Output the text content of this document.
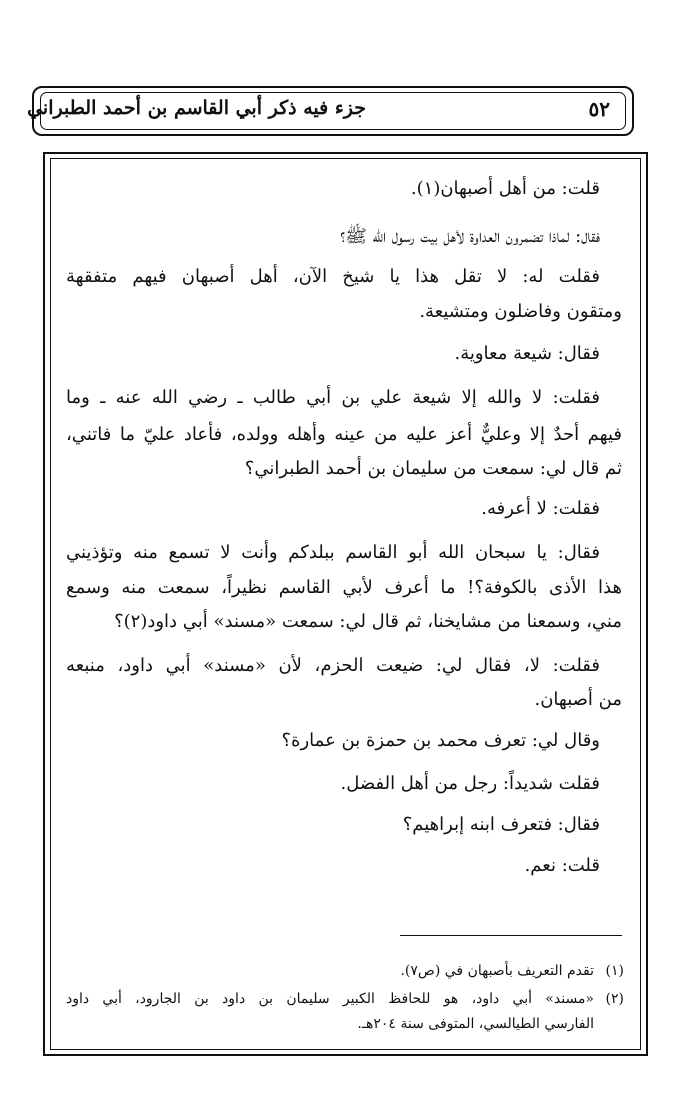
جزء فيه ذكر أبي القاسم بن أحمد الطبراني	٥٢
قلت: من أهل أصبهان(١).
فقال: لماذا تضمرون العداوة لأهل بيت رسول الله ﷺ؟
فقلت له: لا تقل هذا يا شيخ الآن، أهل أصبهان فيهم متفقهة
ومتقون وفاضلون ومتشيعة.
فقال: شيعة معاوية.
فقلت: لا والله إلا شيعة علي بن أبي طالب ـ رضي الله عنه ـ وما
فيهم أحدٌ إلا وعليٌّ أعز عليه من عينه وأهله وولده، فأعاد عليّ ما فاتني،
ثم قال لي: سمعت من سليمان بن أحمد الطبراني؟
فقلت: لا أعرفه.
فقال: يا سبحان الله أبو القاسم ببلدكم وأنت لا تسمع منه وتؤذيني
هذا الأذى بالكوفة؟! ما أعرف لأبي القاسم نظيراً، سمعت منه وسمع
مني، وسمعنا من مشايخنا، ثم قال لي: سمعت «مسند» أبي داود(٢)؟
فقلت: لا، فقال لي: ضيعت الحزم، لأن «مسند» أبي داود، منبعه
من أصبهان.
وقال لي: تعرف محمد بن حمزة بن عمارة؟
فقلت شديداً: رجل من أهل الفضل.
فقال: فتعرف ابنه إبراهيم؟
قلت: نعم.
(١)
تقدم التعريف بأصبهان في (ص٧).
(٢)
«مسند» أبي داود، هو للحافظ الكبير سليمان بن داود بن الجارود، أبي داود
الفارسي الطيالسي، المتوفى سنة ٢٠٤هـ.
